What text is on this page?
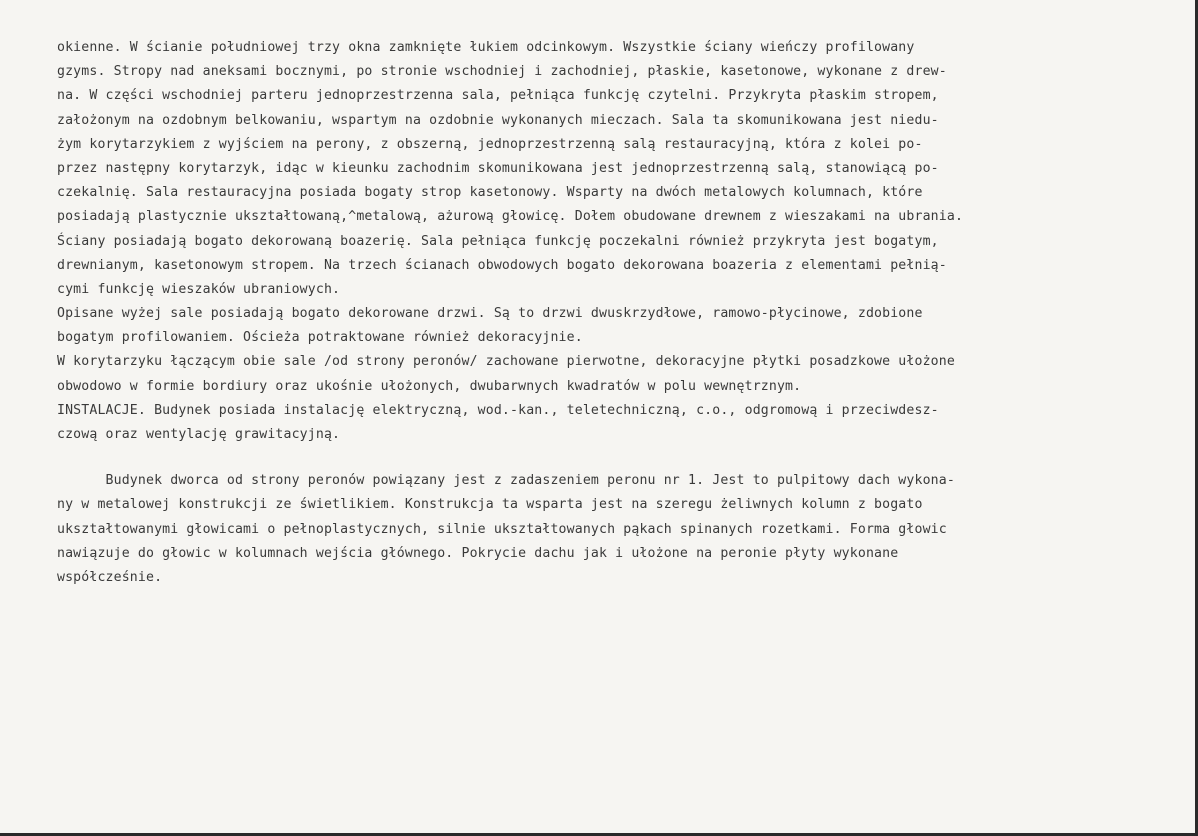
okienne. W ścianie południowej trzy okna zamknięte łukiem odcinkowym. Wszystkie ściany wieńczy profilowany
gzyms. Stropy nad aneksami bocznymi, po stronie wschodniej i zachodniej, płaskie, kasetonowe, wykonane z drew-
na. W części wschodniej parteru jednoprzestrzenna sala, pełniąca funkcję czytelni. Przykryta płaskim stropem,
założonym na ozdobnym belkowaniu, wspartym na ozdobnie wykonanych mieczach. Sala ta skomunikowana jest niedu-
żym korytarzykiem z wyjściem na perony, z obszerną, jednoprzestrzenną salą restauracyjną, która z kolei po-
przez następny korytarzyk, idąc w kieunku zachodnim skomunikowana jest jednoprzestrzenną salą, stanowiącą po-
czekalnię. Sala restauracyjna posiada bogaty strop kasetonowy. Wsparty na dwóch metalowych kolumnach, które
posiadają plastycznie ukształtowaną,^metalową, ażurową głowicę. Dołem obudowane drewnem z wieszakami na ubrania.
Ściany posiadają bogato dekorowaną boazerię. Sala pełniąca funkcję poczekalni również przykryta jest bogatym,
drewnianym, kasetonowym stropem. Na trzech ścianach obwodowych bogato dekorowana boazeria z elementami pełnią-
cymi funkcję wieszaków ubraniowych.
Opisane wyżej sale posiadają bogato dekorowane drzwi. Są to drzwi dwuskrzydłowe, ramowo-płycinowe, zdobione
bogatym profilowaniem. Ościeża potraktowane również dekoracyjnie.
W korytarzyku łączącym obie sale /od strony peronów/ zachowane pierwotne, dekoracyjne płytki posadzkowe ułożone
obwodowo w formie bordiury oraz ukośnie ułożonych, dwubarwnych kwadratów w polu wewnętrznym.
INSTALACJE. Budynek posiada instalację elektryczną, wod.-kan., teletechniczną, c.o., odgromową i przeciwdesz-
czową oraz wentylację grawitacyjną.
Budynek dworca od strony peronów powiązany jest z zadaszeniem peronu nr 1. Jest to pulpitowy dach wykona-
ny w metalowej konstrukcji ze świetlikiem. Konstrukcja ta wsparta jest na szeregu żeliwnych kolumn z bogato
ukształtowanymi głowicami o pełnoplastycznych, silnie ukształtowanych pąkach spinanych rozetkami. Forma głowic
nawiązuje do głowic w kolumnach wejścia głównego. Pokrycie dachu jak i ułożone na peronie płyty wykonane
współcześnie.
